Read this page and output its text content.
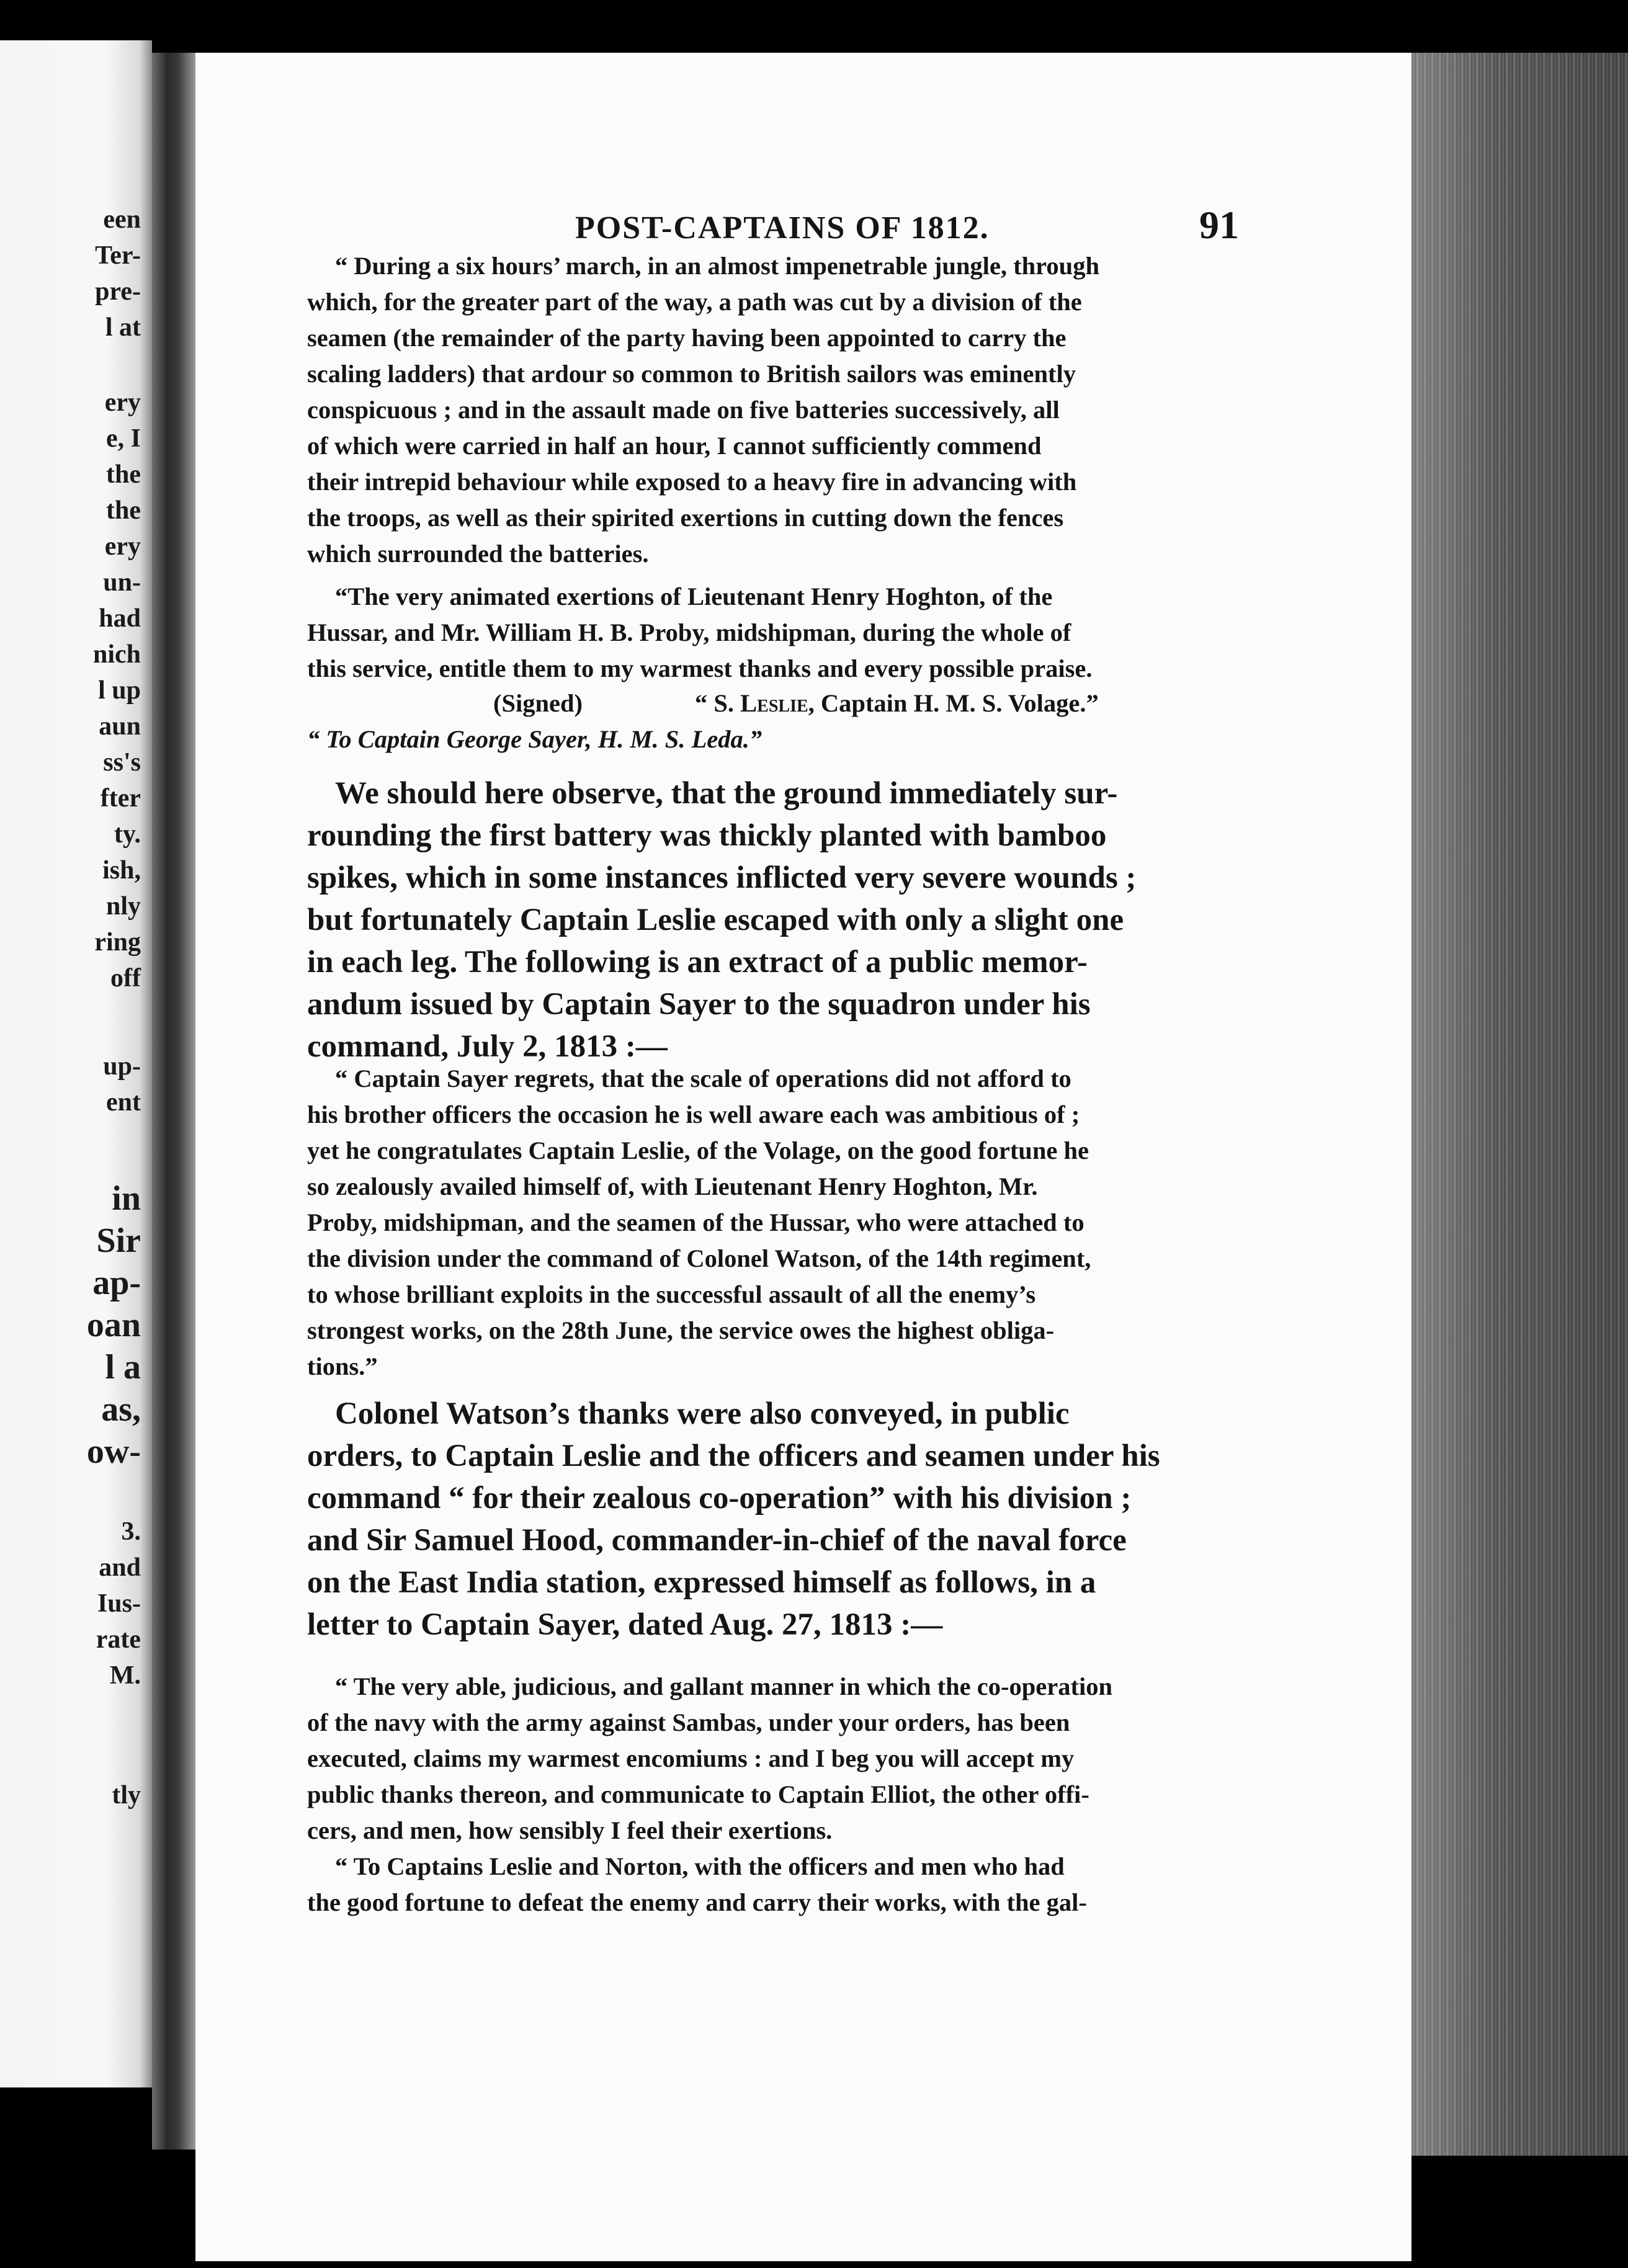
een
Ter-
pre-
l at
ery
e, I
the
the
ery
un-
had
nich
l up
aun
ss's
fter
ty.
ish,
nly
ring
off
up-
ent
in
Sir
ap-
oan
l a
as,
ow-
3.
and
Ius-
rate
M.
tly
POST-CAPTAINS OF 1812.	91
“ During a six hours’ march, in an almost impenetrable jungle, through
which, for the greater part of the way, a path was cut by a division of the
seamen (the remainder of the party having been appointed to carry the
scaling ladders) that ardour so common to British sailors was eminently
conspicuous ; and in the assault made on five batteries successively, all
of which were carried in half an hour, I cannot sufficiently commend
their intrepid behaviour while exposed to a heavy fire in advancing with
the troops, as well as their spirited exertions in cutting down the fences
which surrounded the batteries.
“The very animated exertions of Lieutenant Henry Hoghton, of the
Hussar, and Mr. William H. B. Proby, midshipman, during the whole of
this service, entitle them to my warmest thanks and every possible praise.
(Signed)	“ S. Leslie, Captain H. M. S. Volage.”
“ To Captain George Sayer, H. M. S. Leda.”
We should here observe, that the ground immediately sur-
rounding the first battery was thickly planted with bamboo
spikes, which in some instances inflicted very severe wounds ;
but fortunately Captain Leslie escaped with only a slight one
in each leg. The following is an extract of a public memor-
andum issued by Captain Sayer to the squadron under his
command, July 2, 1813 :—
“ Captain Sayer regrets, that the scale of operations did not afford to
his brother officers the occasion he is well aware each was ambitious of ;
yet he congratulates Captain Leslie, of the Volage, on the good fortune he
so zealously availed himself of, with Lieutenant Henry Hoghton, Mr.
Proby, midshipman, and the seamen of the Hussar, who were attached to
the division under the command of Colonel Watson, of the 14th regiment,
to whose brilliant exploits in the successful assault of all the enemy’s
strongest works, on the 28th June, the service owes the highest obliga-
tions.”
Colonel Watson’s thanks were also conveyed, in public
orders, to Captain Leslie and the officers and seamen under his
command “ for their zealous co-operation” with his division ;
and Sir Samuel Hood, commander-in-chief of the naval force
on the East India station, expressed himself as follows, in a
letter to Captain Sayer, dated Aug. 27, 1813 :—
“ The very able, judicious, and gallant manner in which the co-operation
of the navy with the army against Sambas, under your orders, has been
executed, claims my warmest encomiums : and I beg you will accept my
public thanks thereon, and communicate to Captain Elliot, the other offi-
cers, and men, how sensibly I feel their exertions.
“ To Captains Leslie and Norton, with the officers and men who had
the good fortune to defeat the enemy and carry their works, with the gal-
